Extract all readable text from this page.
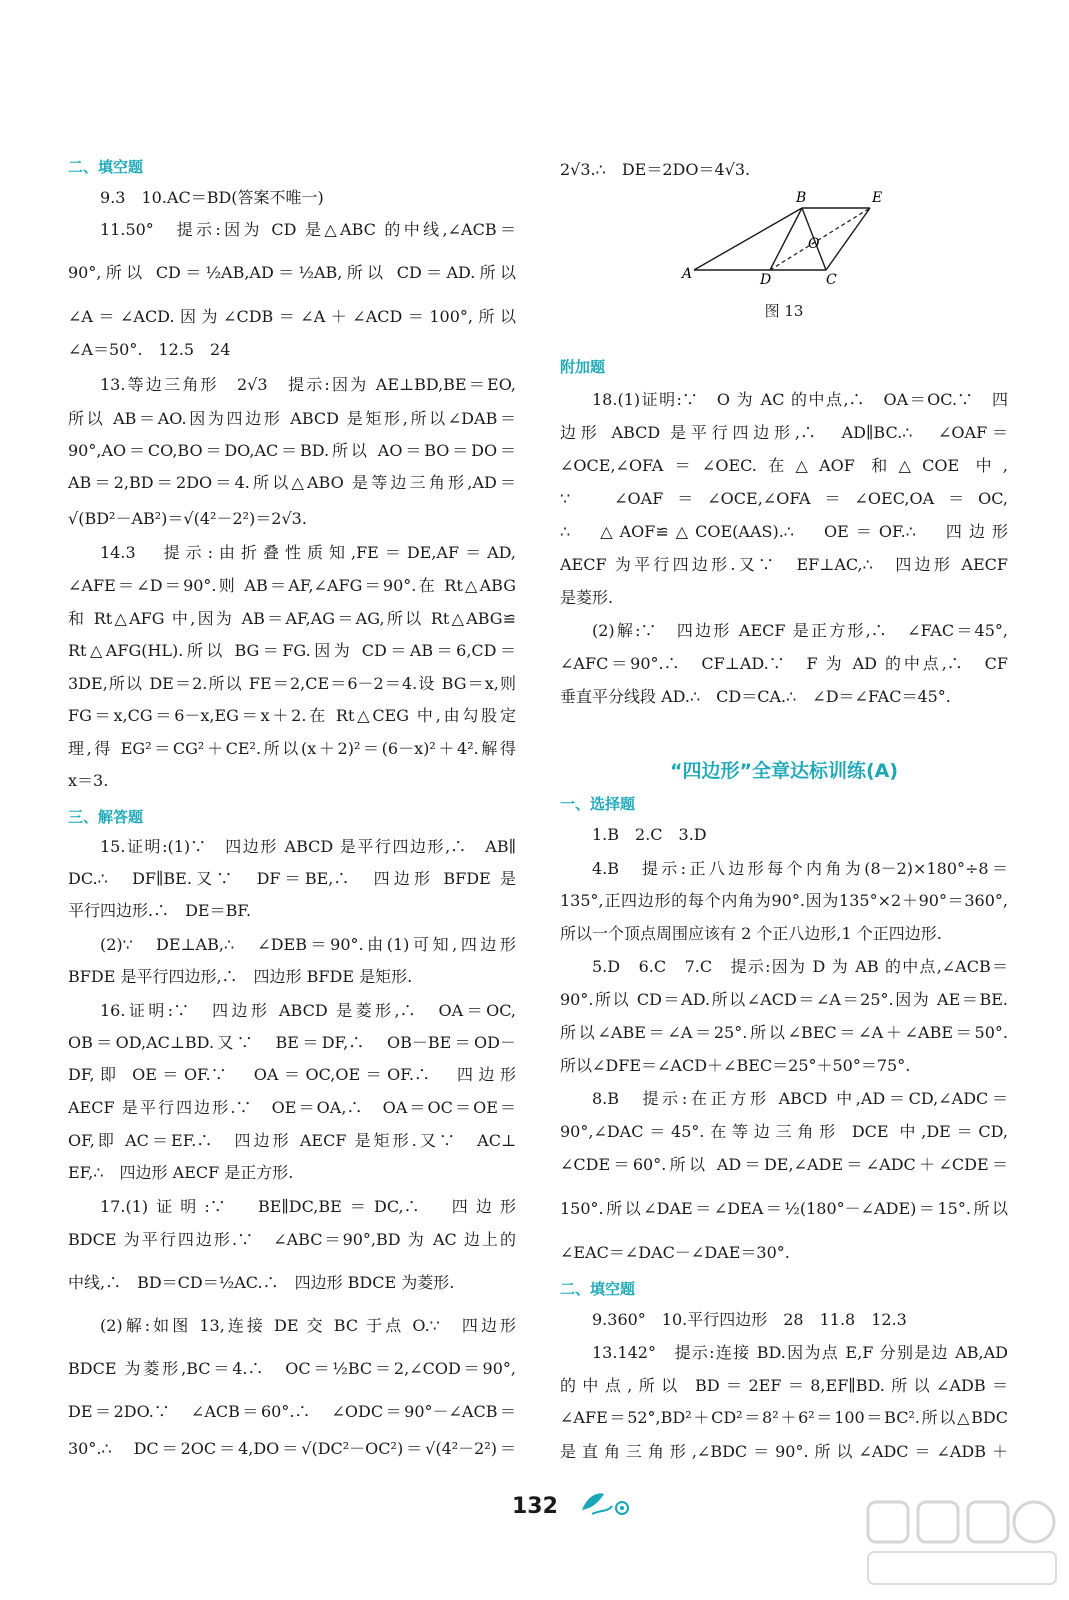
二、填空题
9.3　10.AC＝BD(答案不唯一)
11.50°　提示:因为 CD 是△ABC 的中线,∠ACB＝
90°,所以 CD＝½AB,AD＝½AB,所以 CD＝AD.所以
∠A＝∠ACD.因为∠CDB＝∠A＋∠ACD＝100°,所以
∠A＝50°.　12.5　24
13.等边三角形　2√3　提示:因为 AE⊥BD,BE＝EO,
所以 AB＝AO.因为四边形 ABCD 是矩形,所以∠DAB＝
90°,AO＝CO,BO＝DO,AC＝BD.所以 AO＝BO＝DO＝
AB＝2,BD＝2DO＝4.所以△ABO 是等边三角形,AD＝
√(BD²－AB²)＝√(4²－2²)＝2√3.
14.3　提示:由折叠性质知,FE＝DE,AF＝AD,
∠AFE＝∠D＝90°.则 AB＝AF,∠AFG＝90°.在 Rt△ABG
和 Rt△AFG 中,因为 AB＝AF,AG＝AG,所以 Rt△ABG≌
Rt△AFG(HL).所以 BG＝FG.因为 CD＝AB＝6,CD＝
3DE,所以 DE＝2.所以 FE＝2,CE＝6－2＝4.设 BG＝x,则
FG＝x,CG＝6－x,EG＝x＋2.在 Rt△CEG 中,由勾股定
理,得 EG²＝CG²＋CE².所以(x＋2)²＝(6－x)²＋4².解得
x＝3.
三、解答题
15.证明:(1)∵　四边形 ABCD 是平行四边形,∴　AB∥
DC.∴　DF∥BE.又∵　DF＝BE,∴　四边形 BFDE 是
平行四边形.∴　DE＝BF.
(2)∵　DE⊥AB,∴　∠DEB＝90°.由(1)可知,四边形
BFDE 是平行四边形,∴　四边形 BFDE 是矩形.
16.证明:∵　四边形 ABCD 是菱形,∴　OA＝OC,
OB＝OD,AC⊥BD.又∵　BE＝DF,∴　OB－BE＝OD－
DF,即 OE＝OF.∵　OA＝OC,OE＝OF.∴　四边形
AECF 是平行四边形.∵　OE＝OA,∴　OA＝OC＝OE＝
OF,即 AC＝EF.∴　四边形 AECF 是矩形.又∵　AC⊥
EF,∴　四边形 AECF 是正方形.
17.(1)证明:∵　BE∥DC,BE＝DC,∴　四边形
BDCE 为平行四边形.∵　∠ABC＝90°,BD 为 AC 边上的
中线,∴　BD＝CD＝½AC.∴　四边形 BDCE 为菱形.
(2)解:如图 13,连接 DE 交 BC 于点 O.∵　四边形
BDCE 为菱形,BC＝4.∴　OC＝½BC＝2,∠COD＝90°,
DE＝2DO.∵　∠ACB＝60°.∴　∠ODC＝90°－∠ACB＝
30°.∴　DC＝2OC＝4,DO＝√(DC²－OC²)＝√(4²－2²)＝
A
B	E
D	C
O
图 13
“四边形”全章达标训练(A)
一、选择题
2√3.∴　DE＝2DO＝4√3.
附加题
18.(1)证明:∵　O 为 AC 的中点,∴　OA＝OC.∵　四
边形 ABCD 是平行四边形,∴　AD∥BC.∴　∠OAF＝
∠OCE,∠OFA＝∠OEC.在△AOF 和△COE 中,
∵　∠OAF＝∠OCE,∠OFA＝∠OEC,OA＝OC,
∴　△AOF≌△COE(AAS).∴　OE＝OF.∴　四边形
AECF 为平行四边形.又∵　EF⊥AC,∴　四边形 AECF
是菱形.
(2)解:∵　四边形 AECF 是正方形,∴　∠FAC＝45°,
∠AFC＝90°.∴　CF⊥AD.∵　F 为 AD 的中点,∴　CF
垂直平分线段 AD.∴　CD＝CA.∴　∠D＝∠FAC＝45°.
1.B　2.C　3.D
4.B　提示:正八边形每个内角为(8－2)×180°÷8＝
135°,正四边形的每个内角为90°.因为135°×2＋90°＝360°,
所以一个顶点周围应该有 2 个正八边形,1 个正四边形.
5.D　6.C　7.C　提示:因为 D 为 AB 的中点,∠ACB＝
90°.所以 CD＝AD.所以∠ACD＝∠A＝25°.因为 AE＝BE.
所以∠ABE＝∠A＝25°.所以∠BEC＝∠A＋∠ABE＝50°.
所以∠DFE＝∠ACD＋∠BEC＝25°＋50°＝75°.
8.B　提示:在正方形 ABCD 中,AD＝CD,∠ADC＝
90°,∠DAC＝45°.在等边三角形 DCE 中,DE＝CD,
∠CDE＝60°.所以 AD＝DE,∠ADE＝∠ADC＋∠CDE＝
150°.所以∠DAE＝∠DEA＝½(180°－∠ADE)＝15°.所以
∠EAC＝∠DAC－∠DAE＝30°.
二、填空题
9.360°　10.平行四边形　28　11.8　12.3
13.142°　提示:连接 BD.因为点 E,F 分别是边 AB,AD
的中点,所以 BD＝2EF＝8,EF∥BD.所以∠ADB＝
∠AFE＝52°,BD²＋CD²＝8²＋6²＝100＝BC².所以△BDC
是直角三角形,∠BDC＝90°.所以∠ADC＝∠ADB＋
132
